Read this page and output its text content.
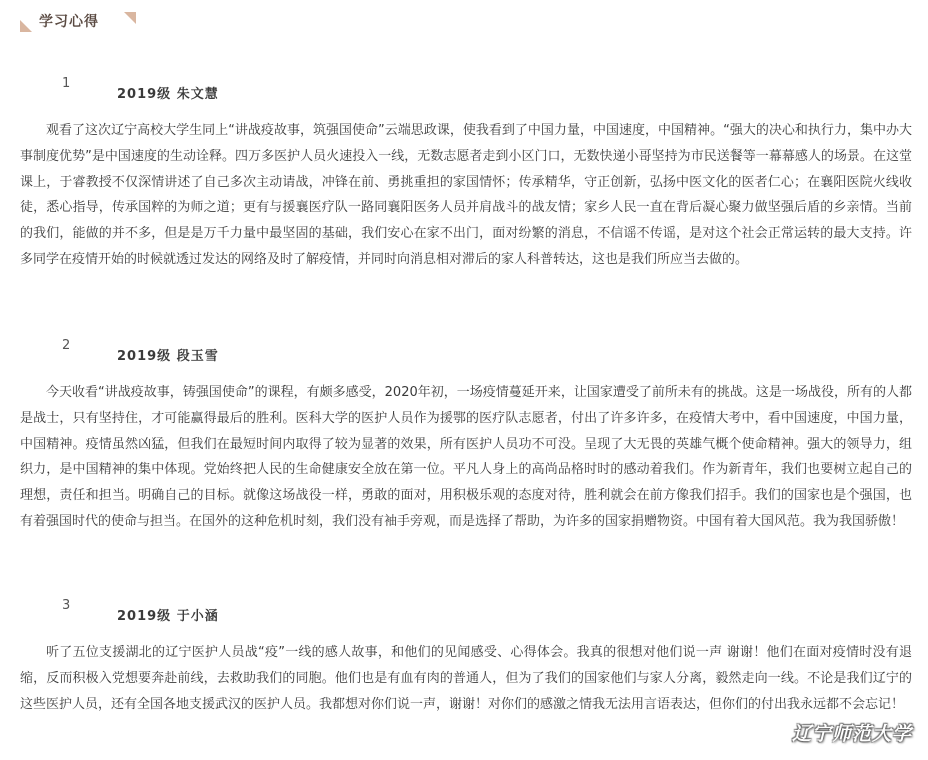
学习心得
1
2019级 朱文慧

观看了这次辽宁高校大学生同上“讲战疫故事，筑强国使命”云端思政课，使我看到了中国力量，中国速度，中国精神。“强大的决心和执行力，集中办大事制度优势”是中国速度的生动诠释。四万多医护人员火速投入一线，无数志愿者走到小区门口，无数快递小哥坚持为市民送餐等一幕幕感人的场景。在这堂课上，于睿教授不仅深情讲述了自己多次主动请战，冲锋在前、勇挑重担的家国情怀；传承精华，守正创新，弘扬中医文化的医者仁心；在襄阳医院火线收徒，悉心指导，传承国粹的为师之道；更有与援襄医疗队一路同襄阳医务人员并肩战斗的战友情；家乡人民一直在背后凝心聚力做坚强后盾的乡亲情。当前的我们，能做的并不多，但是是万千力量中最坚固的基础，我们安心在家不出门，面对纷繁的消息，不信谣不传谣，是对这个社会正常运转的最大支持。许多同学在疫情开始的时候就透过发达的网络及时了解疫情，并同时向消息相对滞后的家人科普转达，这也是我们所应当去做的。

2
2019级 段玉雪

今天收看“讲战疫故事，铸强国使命”的课程，有颇多感受，2020年初，一场疫情蔓延开来，让国家遭受了前所未有的挑战。这是一场战役，所有的人都是战士，只有坚持住，才可能赢得最后的胜利。医科大学的医护人员作为援鄂的医疗队志愿者，付出了许多许多，在疫情大考中，看中国速度，中国力量，中国精神。疫情虽然凶猛，但我们在最短时间内取得了较为显著的效果，所有医护人员功不可没。呈现了大无畏的英雄气概个使命精神。强大的领导力，组织力，是中国精神的集中体现。党始终把人民的生命健康安全放在第一位。平凡人身上的高尚品格时时的感动着我们。作为新青年，我们也要树立起自己的理想，责任和担当。明确自己的目标。就像这场战役一样，勇敢的面对，用积极乐观的态度对待，胜利就会在前方像我们招手。我们的国家也是个强国，也有着强国时代的使命与担当。在国外的这种危机时刻，我们没有袖手旁观，而是选择了帮助，为许多的国家捐赠物资。中国有着大国风范。我为我国骄傲！

3
2019级 于小涵

听了五位支援湖北的辽宁医护人员战“疫”一线的感人故事，和他们的见闻感受、心得体会。我真的很想对他们说一声 谢谢！他们在面对疫情时没有退缩，反而积极入党想要奔赴前线，去救助我们的同胞。他们也是有血有肉的普通人，但为了我们的国家他们与家人分离，毅然走向一线。不论是我们辽宁的这些医护人员，还有全国各地支援武汉的医护人员。我都想对你们说一声，谢谢！对你们的感激之情我无法用言语表达，但你们的付出我永远都不会忘记！

辽宁师范大学
